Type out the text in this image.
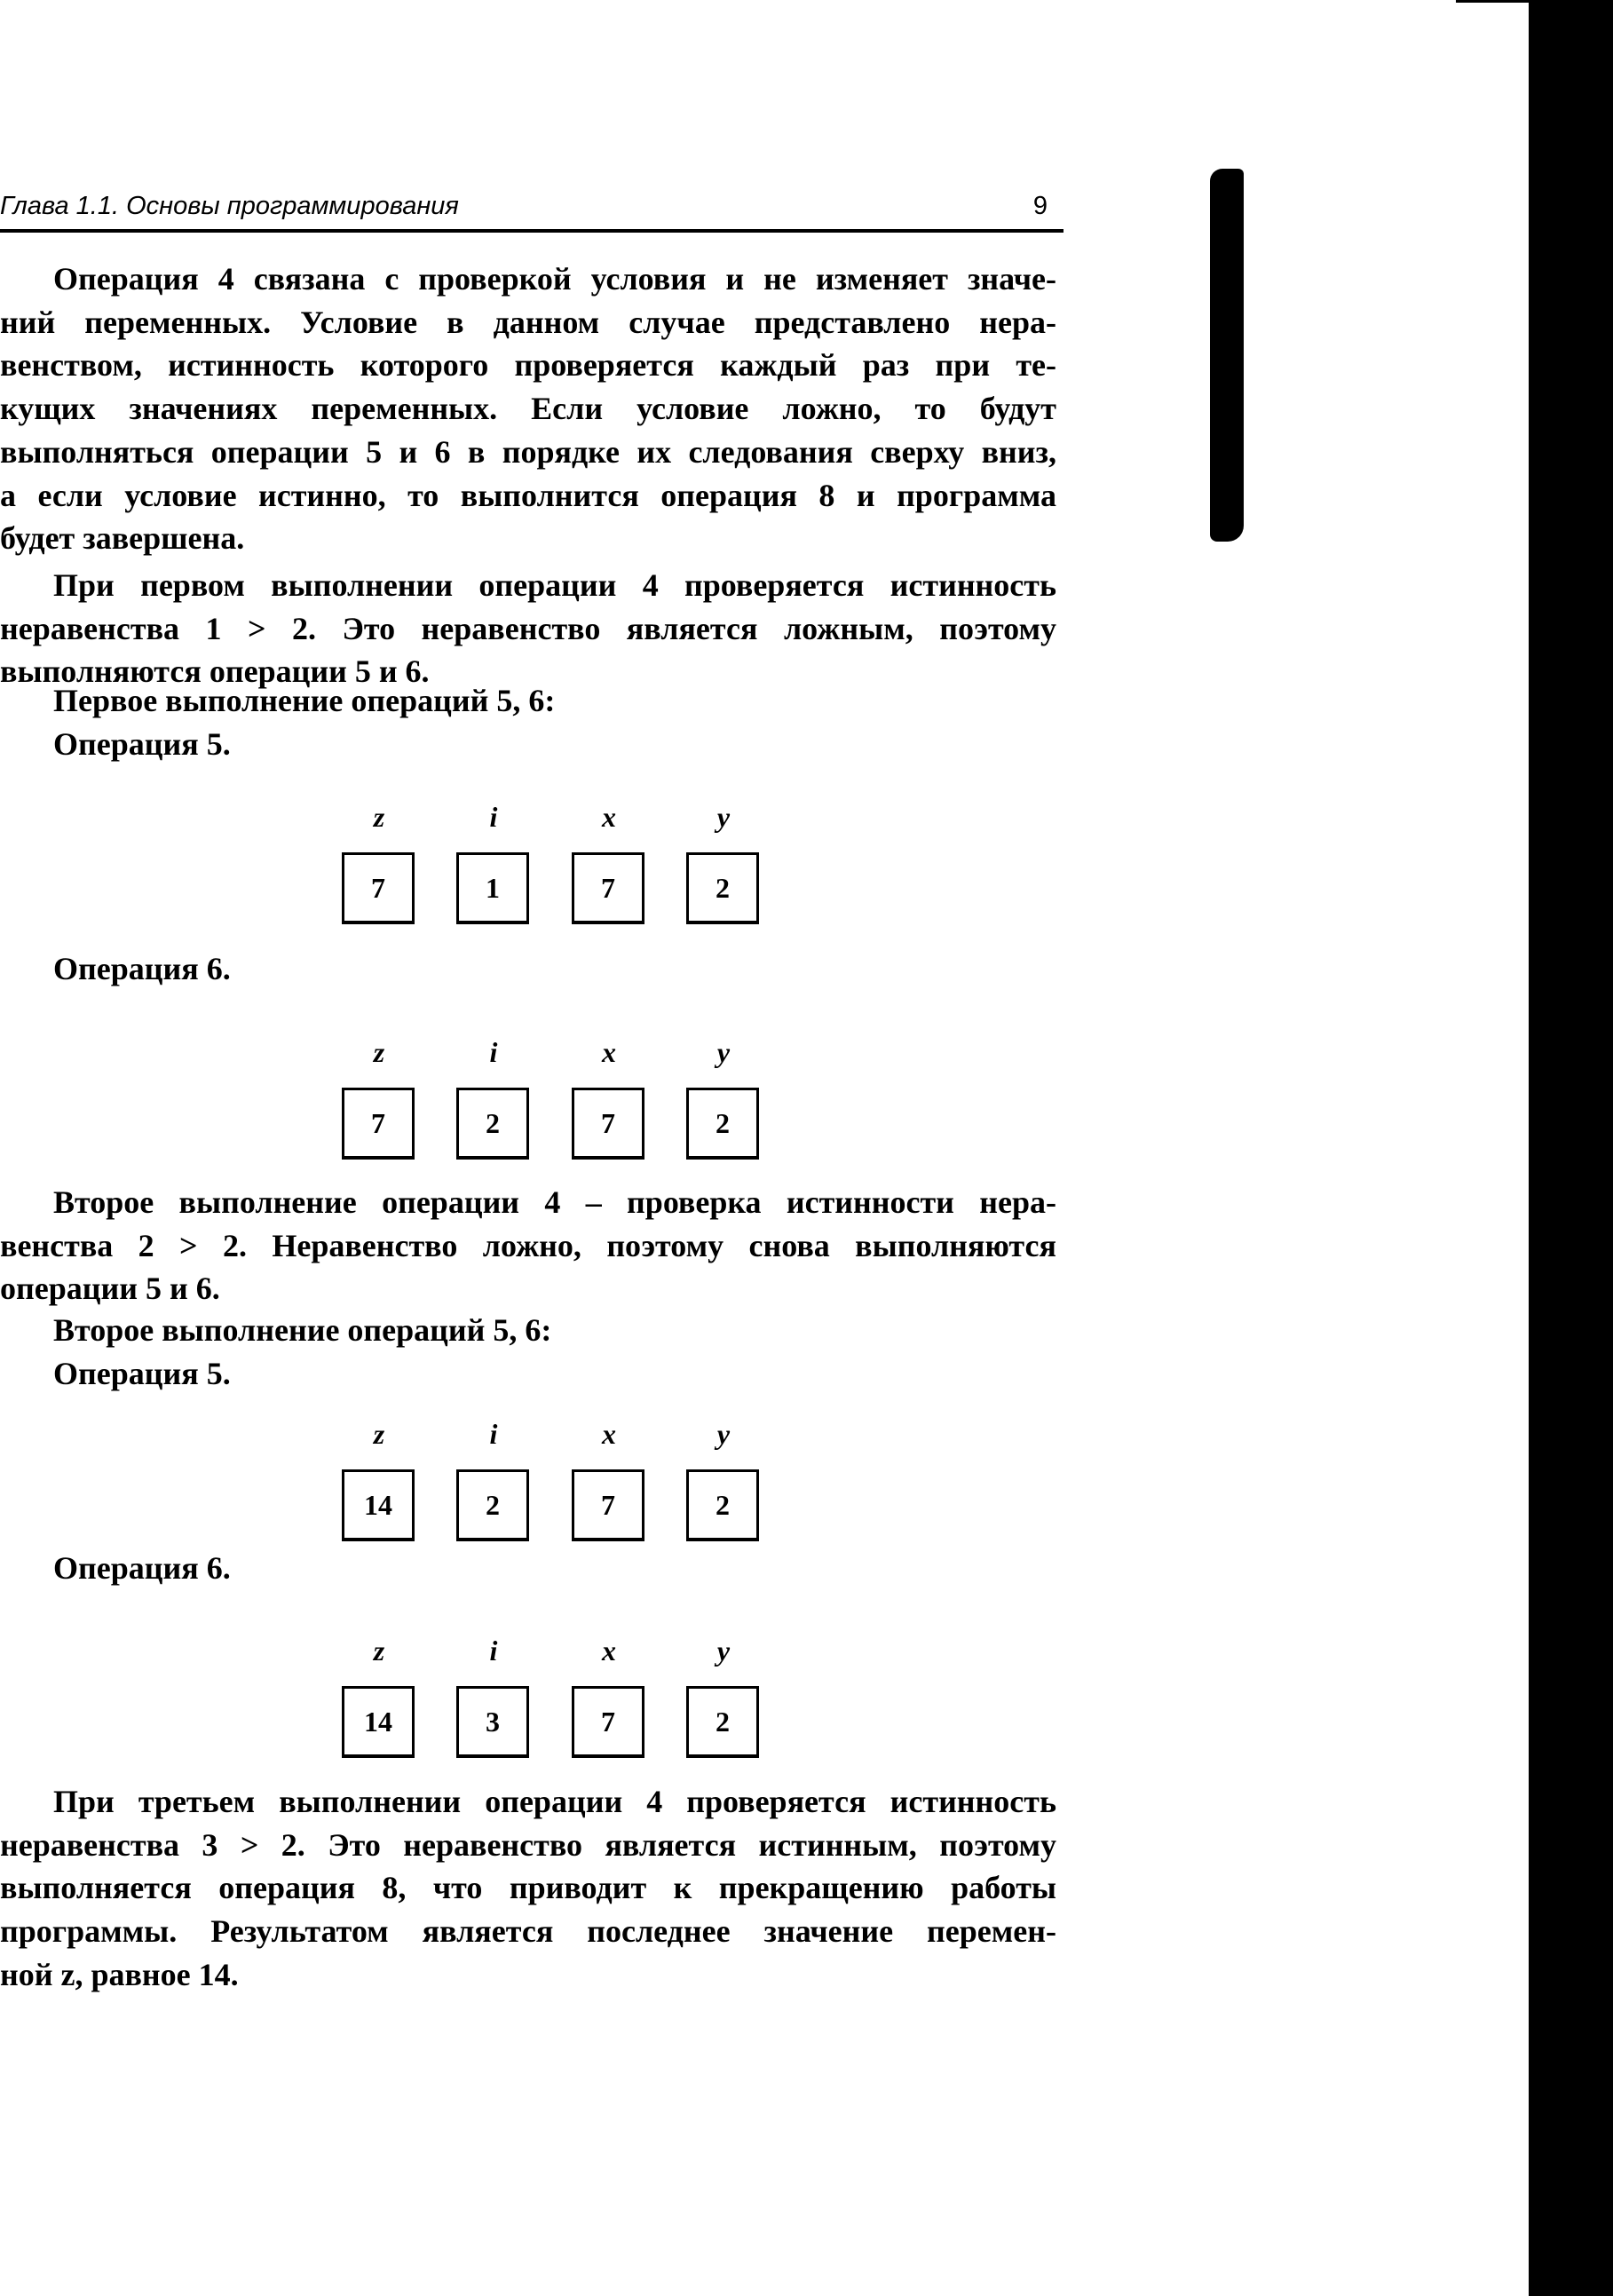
Глава 1.1. Основы программирования	9
Операция 4 связана с проверкой условия и не изменяет значе-
ний переменных. Условие в данном случае представлено нера-
венством, истинность которого проверяется каждый раз при те-
кущих значениях переменных. Если условие ложно, то будут
выполняться операции 5 и 6 в порядке их следования сверху вниз,
а если условие истинно, то выполнится операция 8 и программа
будет завершена.
При первом выполнении операции 4 проверяется истинность
неравенства 1 > 2. Это неравенство является ложным, поэтому
выполняются операции 5 и 6.
Первое выполнение операций 5, 6:
Операция 5.
z
7
i
1
x
7
y
2
Операция 6.
z
7
i
2
x
7
y
2
Второе выполнение операции 4 – проверка истинности нера-
венства 2 > 2. Неравенство ложно, поэтому снова выполняются
операции 5 и 6.
Второе выполнение операций 5, 6:
Операция 5.
z
14
i
2
x
7
y
2
Операция 6.
z
14
i
3
x
7
y
2
При третьем выполнении операции 4 проверяется истинность
неравенства 3 > 2. Это неравенство является истинным, поэтому
выполняется операция 8, что приводит к прекращению работы
программы. Результатом является последнее значение перемен-
ной z, равное 14.
